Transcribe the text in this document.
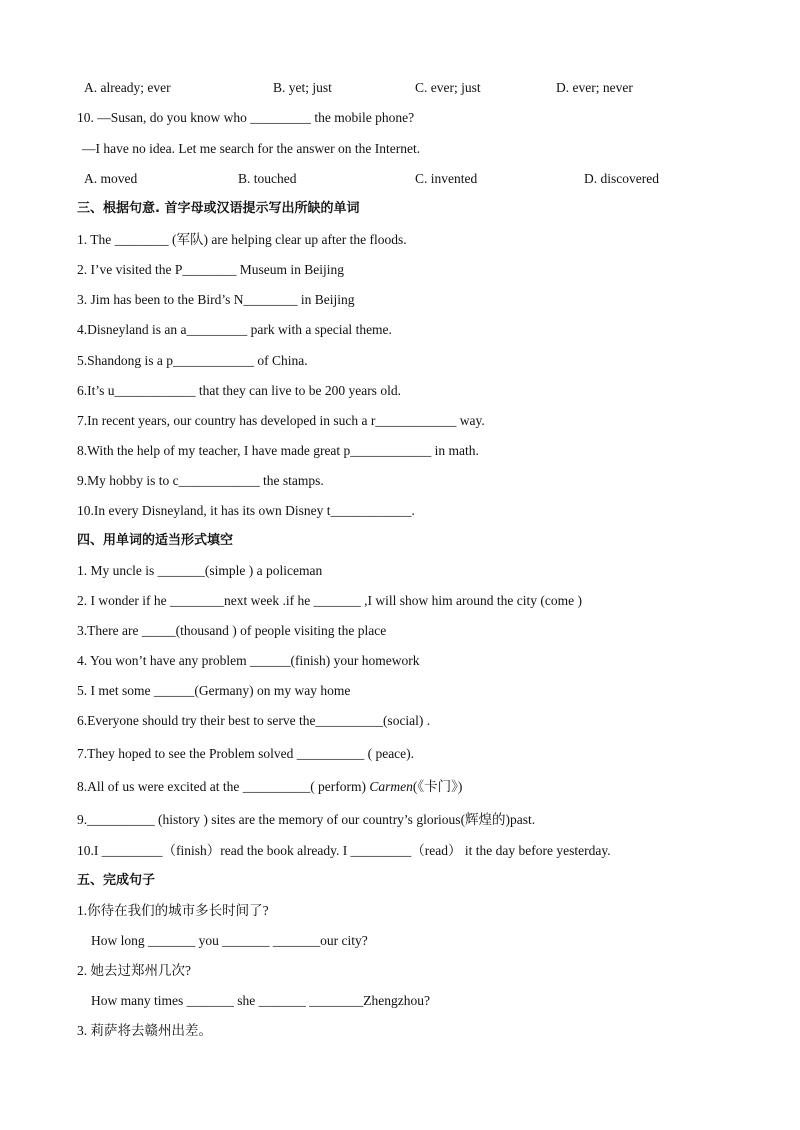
A. already; ever	B. yet; just	C. ever; just	D. ever; never
10. —Susan, do you know who _________ the mobile phone?
—I have no idea. Let me search for the answer on the Internet.
A. moved	B. touched	C. invented	D. discovered
三、根据句意. 首字母或汉语提示写出所缺的单词
1. The ________ (军队) are helping clear up after the floods.
2. I’ve visited the P________ Museum in Beijing
3. Jim has been to the Bird’s N________ in Beijing
4.Disneyland is an a_________ park with a special theme.
5.Shandong is a p____________ of China.
6.It’s u____________ that they can live to be 200 years old.
7.In recent years, our country has developed in such a r____________ way.
8.With the help of my teacher, I have made great p____________ in math.
9.My hobby is to c____________ the stamps.
10.In every Disneyland, it has its own Disney t____________.
四、用单词的适当形式填空
1. My uncle is _______(simple ) a policeman
2. I wonder if he ________next week .if he _______ ,I will show him around the city (come )
3.There are _____(thousand ) of people visiting the place
4. You won’t have any problem ______(finish) your homework
5. I met some ______(Germany) on my way home
6.Everyone should try their best to serve the__________(social) .
7.They hoped to see the Problem solved __________ ( peace).
8.All of us were excited at the __________( perform) Carmen(《卡门》)
9.__________ (history ) sites are the memory of our country’s glorious(辉煌的)past.
10.I _________（finish）read the book already. I _________（read） it the day before yesterday.
五、完成句子
1.你待在我们的城市多长时间了?
How long _______ you _______ _______our city?
2. 她去过郑州几次?
How many times _______ she _______ ________Zhengzhou?
3. 莉萨将去赣州出差。
